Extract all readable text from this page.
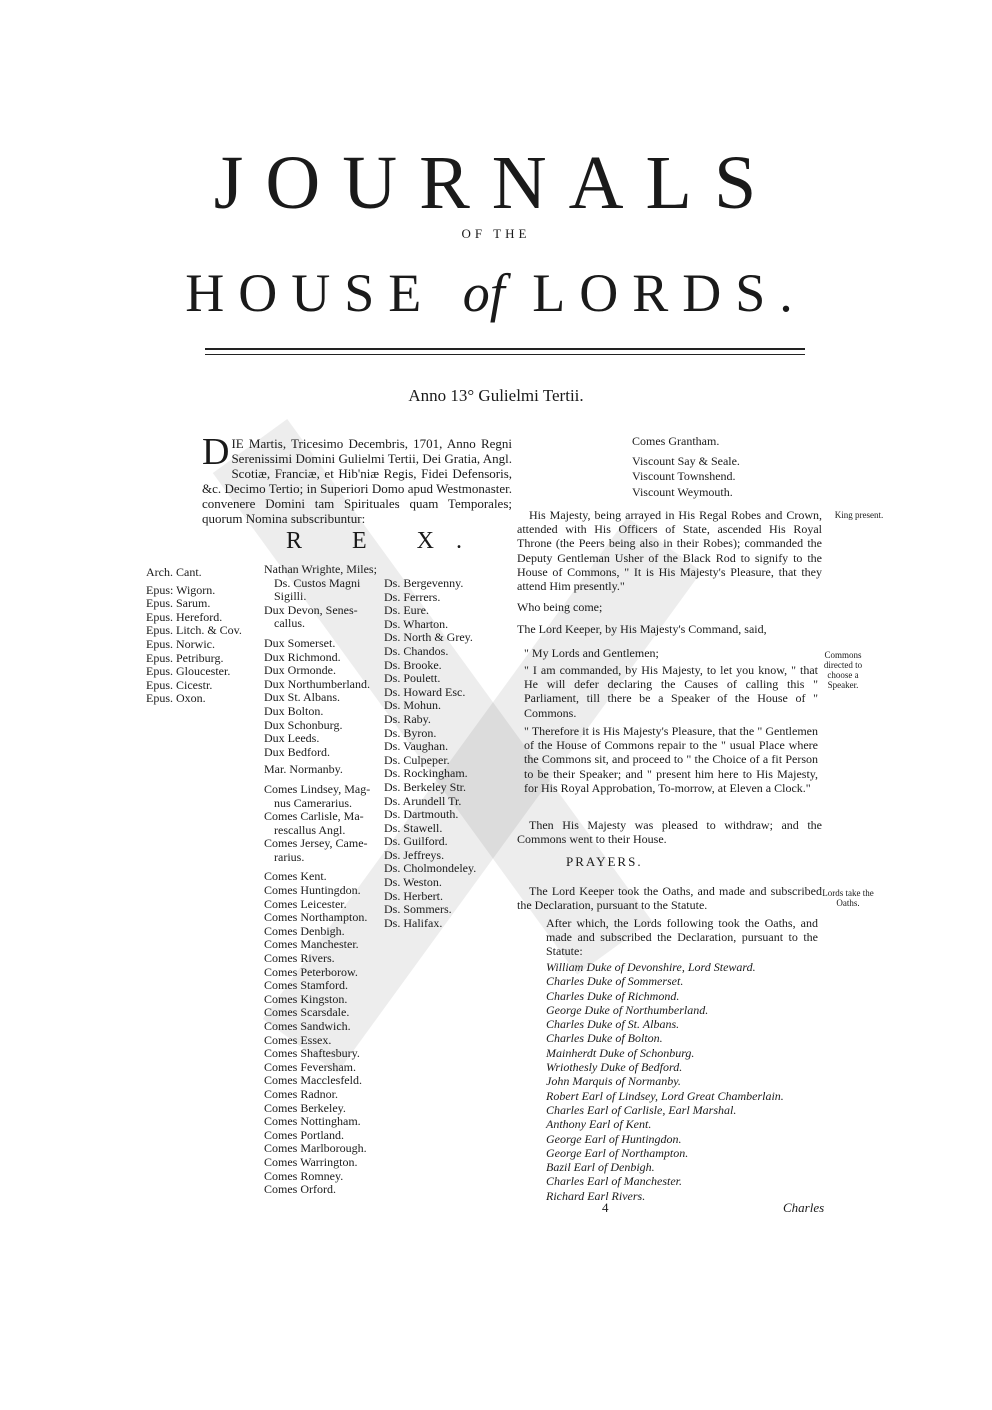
JOURNALS
OF THE
HOUSE of LORDS.
Anno 13° Gulielmi Tertii.
DIE Martis, Tricesimo Decembris, 1701, Anno Regni Serenissimi Domini Gulielmi Tertii, Dei Gratia, Angl. Scotiæ, Franciæ, et Hib'niæ Regis, Fidei Defensoris, &c. Decimo Tertio; in Superiori Domo apud Westmonaster. convenere Domini tam Spirituales quam Temporales; quorum Nomina subscribuntur:
R E X.
Arch. Cant.
Epus: Wigorn.
Epus. Sarum.
Epus. Hereford.
Epus. Litch. & Cov.
Epus. Norwic.
Epus. Petriburg.
Epus. Gloucester.
Epus. Cicestr.
Epus. Oxon.
Nathan Wrighte, Miles;
Ds. Custos Magni
Sigilli.
Dux Devon, Senes-
callus.
Dux Somerset.
Dux Richmond.
Dux Ormonde.
Dux Northumberland.
Dux St. Albans.
Dux Bolton.
Dux Schonburg.
Dux Leeds.
Dux Bedford.
Mar. Normanby.
Comes Lindsey, Mag-
nus Camerarius.
Comes Carlisle, Ma-
rescallus Angl.
Comes Jersey, Came-
rarius.
Comes Kent.
Comes Huntingdon.
Comes Leicester.
Comes Northampton.
Comes Denbigh.
Comes Manchester.
Comes Rivers.
Comes Peterborow.
Comes Stamford.
Comes Kingston.
Comes Scarsdale.
Comes Sandwich.
Comes Essex.
Comes Shaftesbury.
Comes Feversham.
Comes Macclesfeld.
Comes Radnor.
Comes Berkeley.
Comes Nottingham.
Comes Portland.
Comes Marlborough.
Comes Warrington.
Comes Romney.
Comes Orford.
Ds. Bergevenny.
Ds. Ferrers.
Ds. Eure.
Ds. Wharton.
Ds. North & Grey.
Ds. Chandos.
Ds. Brooke.
Ds. Poulett.
Ds. Howard Esc.
Ds. Mohun.
Ds. Raby.
Ds. Byron.
Ds. Vaughan.
Ds. Culpeper.
Ds. Rockingham.
Ds. Berkeley Str.
Ds. Arundell Tr.
Ds. Dartmouth.
Ds. Stawell.
Ds. Guilford.
Ds. Jeffreys.
Ds. Cholmondeley.
Ds. Weston.
Ds. Herbert.
Ds. Sommers.
Ds. Halifax.
Comes Grantham.
Viscount Say & Seale.
Viscount Townshend.
Viscount Weymouth.

His Majesty, being arrayed in His Regal Robes and Crown, attended with His Officers of State, ascended His Royal Throne (the Peers being also in their Robes); commanded the Deputy Gentleman Usher of the Black Rod to signify to the House of Commons, " It is His Majesty's Pleasure, that they attend Him presently."

King present.
Who being come;
The Lord Keeper, by His Majesty's Command, said,
" My Lords and Gentlemen;

" I am commanded, by His Majesty, to let you know, " that He will defer declaring the Causes of calling this " Parliament, till there be a Speaker of the House of " Commons.

Commons directed to choose a Speaker.

" Therefore it is His Majesty's Pleasure, that the " Gentlemen of the House of Commons repair to the " usual Place where the Commons sit, and proceed to " the Choice of a fit Person to be their Speaker; and " present him here to His Majesty, for His Royal Approbation, To-morrow, at Eleven a Clock."

Then His Majesty was pleased to withdraw; and the Commons went to their House.

PRAYERS.

The Lord Keeper took the Oaths, and made and subscribed the Declaration, pursuant to the Statute.

Lords take the Oaths.

After which, the Lords following took the Oaths, and made and subscribed the Declaration, pursuant to the Statute:

William Duke of Devonshire, Lord Steward.
Charles Duke of Sommerset.
Charles Duke of Richmond.
George Duke of Northumberland.
Charles Duke of St. Albans.
Charles Duke of Bolton.
Mainherdt Duke of Schonburg.
Wriothesly Duke of Bedford.
John Marquis of Normanby.
Robert Earl of Lindsey, Lord Great Chamberlain.
Charles Earl of Carlisle, Earl Marshal.
Anthony Earl of Kent.
George Earl of Huntingdon.
George Earl of Northampton.
Bazil Earl of Denbigh.
Charles Earl of Manchester.
Richard Earl Rivers.
4	Charles
